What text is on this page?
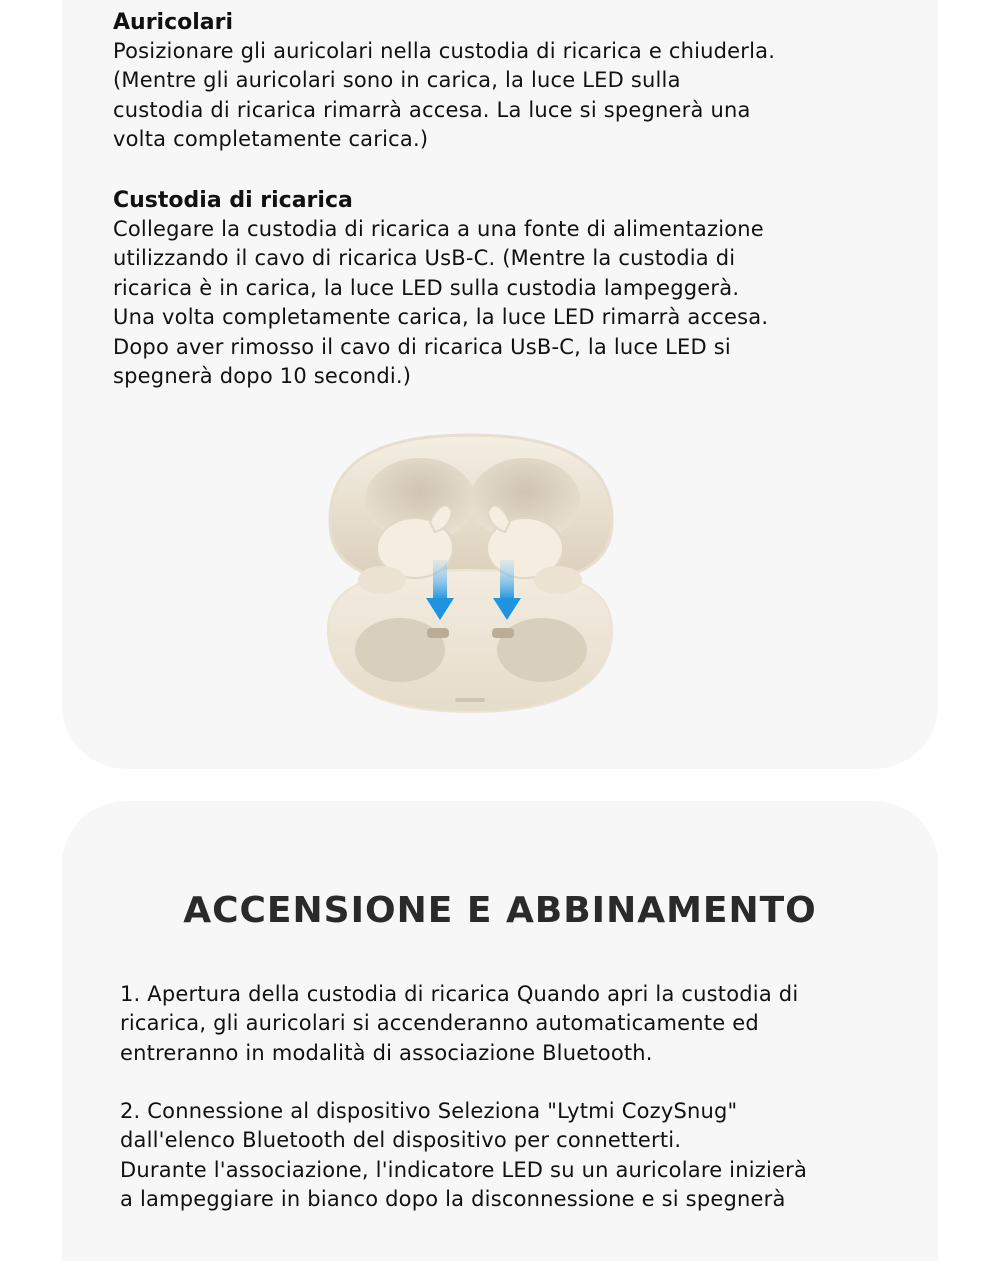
Auricolari

Posizionare gli auricolari nella custodia di ricarica e chiuderla.
(Mentre gli auricolari sono in carica, la luce LED sulla
custodia di ricarica rimarrà accesa. La luce si spegnerà una
volta completamente carica.)

Custodia di ricarica

Collegare la custodia di ricarica a una fonte di alimentazione
utilizzando il cavo di ricarica UsB-C. (Mentre la custodia di
ricarica è in carica, la luce LED sulla custodia lampeggerà.
Una volta completamente carica, la luce LED rimarrà accesa.
Dopo aver rimosso il cavo di ricarica UsB-C, la luce LED si
spegnerà dopo 10 secondi.)

ACCENSIONE E ABBINAMENTO

1. Apertura della custodia di ricarica Quando apri la custodia di
ricarica, gli auricolari si accenderanno automaticamente ed
entreranno in modalità di associazione Bluetooth.

2. Connessione al dispositivo Seleziona "Lytmi CozySnug"
dall'elenco Bluetooth del dispositivo per connetterti.
Durante l'associazione, l'indicatore LED su un auricolare inizierà
a lampeggiare in bianco dopo la disconnessione e si spegnerà
